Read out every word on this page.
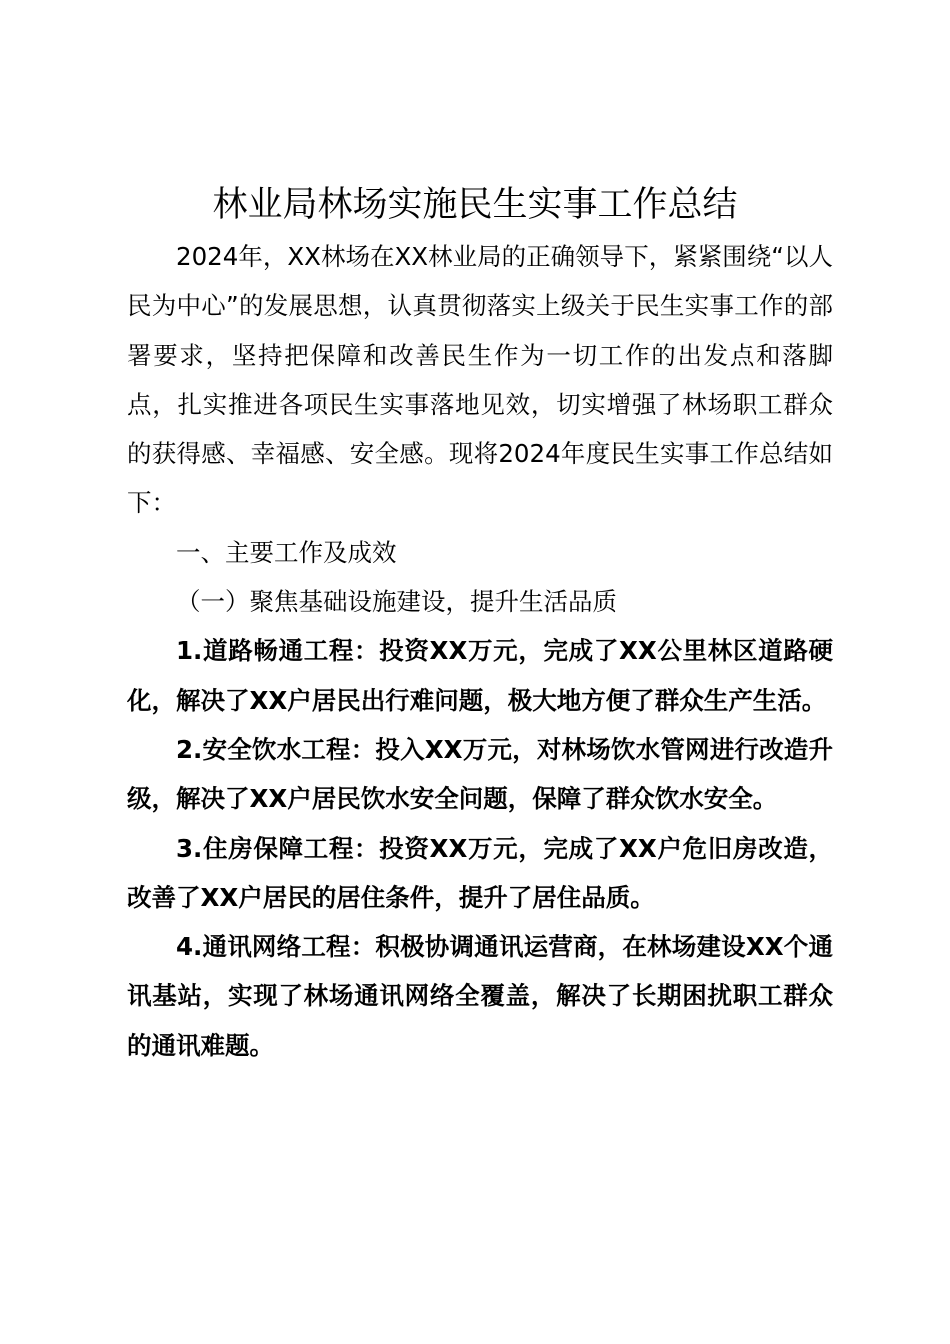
林业局林场实施民生实事工作总结

2024年，XX林场在XX林业局的正确领导下，紧紧围绕“以人民为中心”的发展思想，认真贯彻落实上级关于民生实事工作的部署要求，坚持把保障和改善民生作为一切工作的出发点和落脚点，扎实推进各项民生实事落地见效，切实增强了林场职工群众的获得感、幸福感、安全感。现将2024年度民生实事工作总结如下：

一、主要工作及成效

（一）聚焦基础设施建设，提升生活品质

1.道路畅通工程：投资XX万元，完成了XX公里林区道路硬化，解决了XX户居民出行难问题，极大地方便了群众生产生活。

2.安全饮水工程：投入XX万元，对林场饮水管网进行改造升级，解决了XX户居民饮水安全问题，保障了群众饮水安全。

3.住房保障工程：投资XX万元，完成了XX户危旧房改造，改善了XX户居民的居住条件，提升了居住品质。

4.通讯网络工程：积极协调通讯运营商，在林场建设XX个通讯基站，实现了林场通讯网络全覆盖，解决了长期困扰职工群众的通讯难题。
